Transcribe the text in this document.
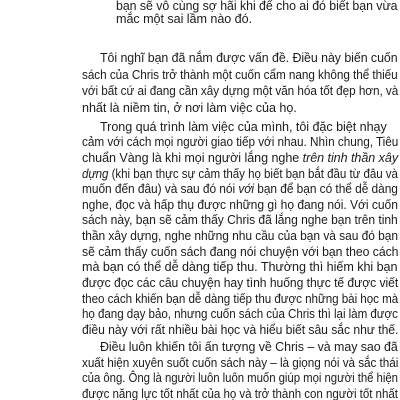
bạn sẽ vô cùng sợ hãi khi để cho ai đó biết bạn vừa
mắc một sai lầm nào đó.
Tôi nghĩ bạn đã nắm được vấn đề. Điều này biến cuốn
sách của Chris trở thành một cuốn cẩm nang không thể thiếu
với bất cứ ai đang cần xây dựng một văn hóa tốt đẹp hơn, và
nhất là niềm tin, ở nơi làm việc của họ.
Trong quá trình làm việc của mình, tôi đặc biệt nhạy
cảm với cách mọi người giao tiếp với nhau. Nhìn chung, Tiêu
chuẩn Vàng là khi mọi người lắng nghe trên tinh thần xây
dựng (khi bạn thực sự cảm thấy họ biết bạn bắt đầu từ đâu và
muốn đến đâu) và sau đó nói với bạn để bạn có thể dễ dàng
nghe, đọc và hấp thụ được những gì họ đang nói. Với cuốn
sách này, bạn sẽ cảm thấy Chris đã lắng nghe bạn trên tinh
thần xây dựng, nghe những nhu cầu của bạn và sau đó bạn
sẽ cảm thấy cuốn sách đang nói chuyện với bạn theo cách
mà bạn có thể dễ dàng tiếp thu. Thường thì hiếm khi bạn
được đọc các câu chuyện hay tình huống thực tế được viết
theo cách khiến bạn dễ dàng tiếp thu được những bài học mà
họ đang dạy bảo, nhưng cuốn sách của Chris thì lại làm được
điều này với rất nhiều bài học và hiểu biết sâu sắc như thế.
Điều luôn khiến tôi ấn tượng về Chris – và may sao đã
xuất hiện xuyên suốt cuốn sách này – là giọng nói và sắc thái
của ông. Ông là người luôn luôn muốn giúp mọi người thể hiện
được năng lực tốt nhất của họ và trở thành con người tốt nhất
